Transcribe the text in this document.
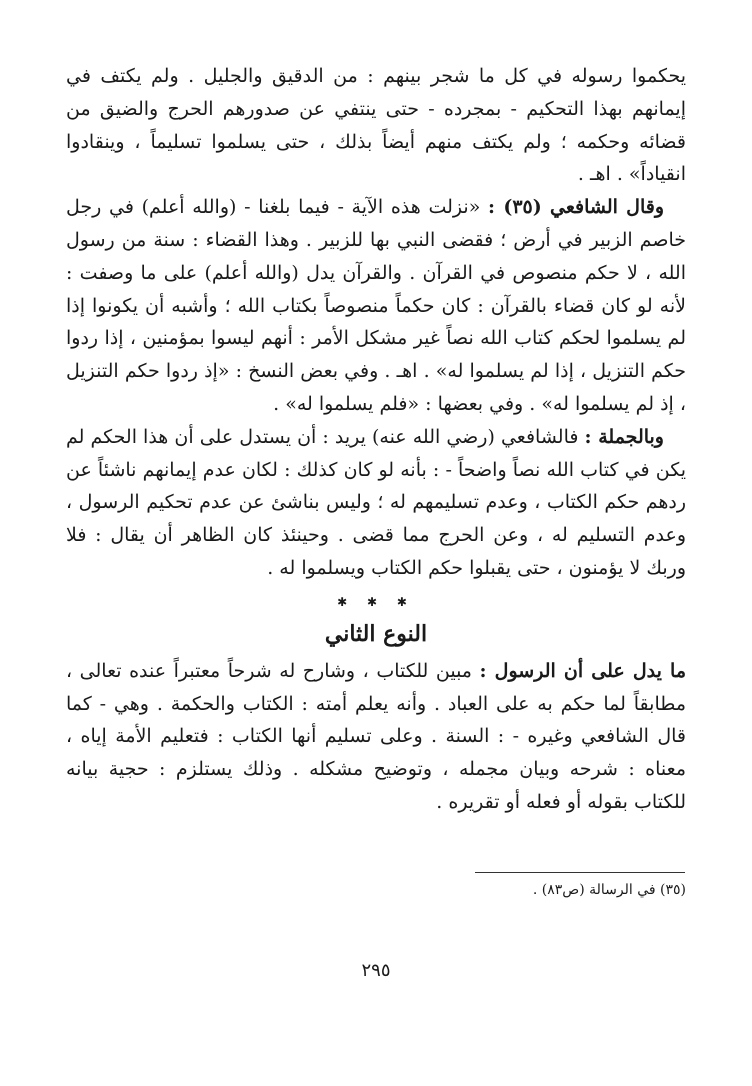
يحكموا رسوله في كل ما شجر بينهم : من الدقيق والجليل . ولم يكتف في إيمانهم بهذا التحكيم - بمجرده - حتى ينتفي عن صدورهم الحرج والضيق من قضائه وحكمه ؛ ولم يكتف منهم أيضاً بذلك ، حتى يسلموا تسليماً ، وينقادوا انقياداً» . اهـ .

وقال الشافعي (٣٥) : «نزلت هذه الآية - فيما بلغنا - (والله أعلم) في رجل خاصم الزبير في أرض ؛ فقضى النبي بها للزبير . وهذا القضاء : سنة من رسول الله ، لا حكم منصوص في القرآن . والقرآن يدل (والله أعلم) على ما وصفت : لأنه لو كان قضاء بالقرآن : كان حكماً منصوصاً بكتاب الله ؛ وأشبه أن يكونوا إذا لم يسلموا لحكم كتاب الله نصاً غير مشكل الأمر : أنهم ليسوا بمؤمنين ، إذا ردوا حكم التنزيل ، إذا لم يسلموا له» . اهـ . وفي بعض النسخ : «إذ ردوا حكم التنزيل ، إذ لم يسلموا له» . وفي بعضها : «فلم يسلموا له» .

وبالجملة : فالشافعي (رضي الله عنه) يريد : أن يستدل على أن هذا الحكم لم يكن في كتاب الله نصاً واضحاً - : بأنه لو كان كذلك : لكان عدم إيمانهم ناشئاً عن ردهم حكم الكتاب ، وعدم تسليمهم له ؛ وليس بناشئ عن عدم تحكيم الرسول ، وعدم التسليم له ، وعن الحرج مما قضى . وحينئذ كان الظاهر أن يقال : فلا وربك لا يؤمنون ، حتى يقبلوا حكم الكتاب ويسلموا له .

✱ ✱ ✱
النوع الثاني

ما يدل على أن الرسول : مبين للكتاب ، وشارح له شرحاً معتبراً عنده تعالى ، مطابقاً لما حكم به على العباد . وأنه يعلم أمته : الكتاب والحكمة . وهي - كما قال الشافعي وغيره - : السنة . وعلى تسليم أنها الكتاب : فتعليم الأمة إياه ، معناه : شرحه وبيان مجمله ، وتوضيح مشكله . وذلك يستلزم : حجية بيانه للكتاب بقوله أو فعله أو تقريره .

(٣٥) في الرسالة (ص٨٣) .
٢٩٥
